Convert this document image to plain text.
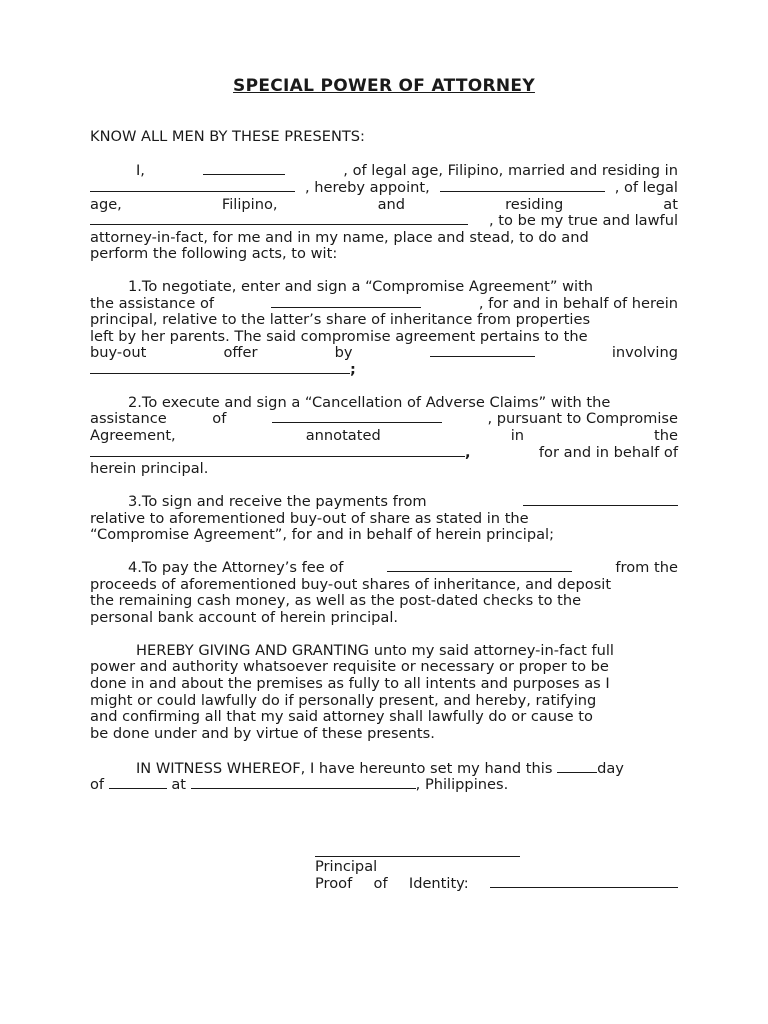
SPECIAL POWER OF ATTORNEY
KNOW ALL MEN BY THESE PRESENTS:
I,	, of legal age, Filipino, married and residing in
, hereby appoint,	, of legal
age,	Filipino,	and	residing	at
, to be my true and lawful
attorney-in-fact, for me and in my name, place and stead, to do and
perform the following acts, to wit:
1.To negotiate, enter and sign a “Compromise Agreement” with
the assistance of	, for and in behalf of herein
principal, relative to the latter’s share of inheritance from properties
left by her parents. The said compromise agreement pertains to the
buy-out	offer	by	involving
;
2.To execute and sign a “Cancellation of Adverse Claims” with the
assistance	of	, pursuant to Compromise
Agreement,	annotated	in	the
,	for and in behalf of
herein principal.
3.To sign and receive the payments from
relative to aforementioned buy-out of share as stated in the
“Compromise Agreement”, for and in behalf of herein principal;
4.To pay the Attorney’s fee of	from the
proceeds of aforementioned buy-out shares of inheritance, and deposit
the remaining cash money, as well as the post-dated checks to the
personal bank account of herein principal.
HEREBY GIVING AND GRANTING unto my said attorney-in-fact full
power and authority whatsoever requisite or necessary or proper to be
done in and about the premises as fully to all intents and purposes as I
might or could lawfully do if personally present, and hereby, ratifying
and confirming all that my said attorney shall lawfully do or cause to
be done under and by virtue of these presents.
IN WITNESS WHEREOF, I have hereunto set my hand this	day
of	at	, Philippines.
Principal
Proof of Identity:
